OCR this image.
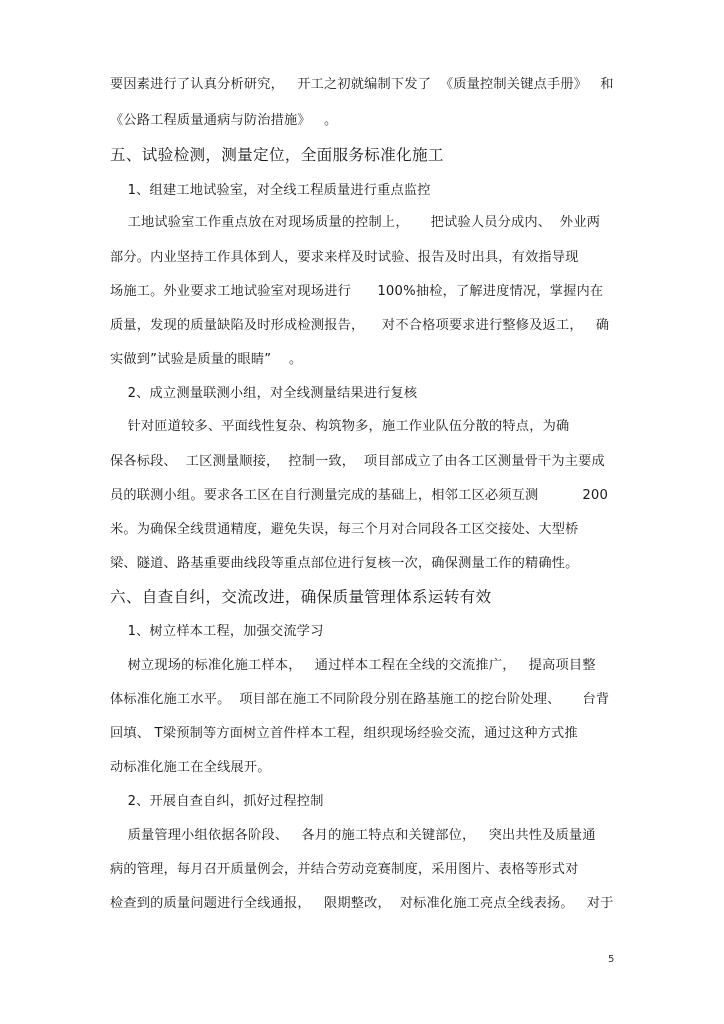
要因素进行了认真分析研究，   开工之初就编制下发了  《质量控制关键点手册》   和
《公路工程质量通病与防治措施》   。
五、试验检测，测量定位，全面服务标准化施工
1、组建工地试验室，对全线工程质量进行重点监控
工地试验室工作重点放在对现场质量的控制上，     把试验人员分成内、  外业两
部分。内业坚持工作具体到人，要求来样及时试验、报告及时出具，有效指导现
场施工。外业要求工地试验室对现场进行      100%抽检，了解进度情况，掌握内在
质量，发现的质量缺陷及时形成检测报告，    对不合格项要求进行整修及返工，   确
实做到”试验是质量的眼睛”    。
2、成立测量联测小组，对全线测量结果进行复核
针对匝道较多、平面线性复杂、构筑物多，施工作业队伍分散的特点，为确
保各标段、  工区测量顺接，  控制一致，  项目部成立了由各工区测量骨干为主要成
员的联测小组。要求各工区在自行测量完成的基础上，相邻工区必须互测          200
米。为确保全线贯通精度，避免失误，每三个月对合同段各工区交接处、大型桥
梁、隧道、路基重要曲线段等重点部位进行复核一次，确保测量工作的精确性。
六、自查自纠，交流改进，确保质量管理体系运转有效
1、树立样本工程，加强交流学习
树立现场的标准化施工样本，   通过样本工程在全线的交流推广，   提高项目整
体标准化施工水平。  项目部在施工不同阶段分别在路基施工的挖台阶处理、     台背
回填、 T梁预制等方面树立首件样本工程，组织现场经验交流，通过这种方式推
动标准化施工在全线展开。
2、开展自查自纠，抓好过程控制
质量管理小组依据各阶段、   各月的施工特点和关键部位，   突出共性及质量通
病的管理，每月召开质量例会，并结合劳动竞赛制度，采用图片、表格等形式对
检查到的质量问题进行全线通报，   限期整改，  对标准化施工亮点全线表扬。   对于
5
